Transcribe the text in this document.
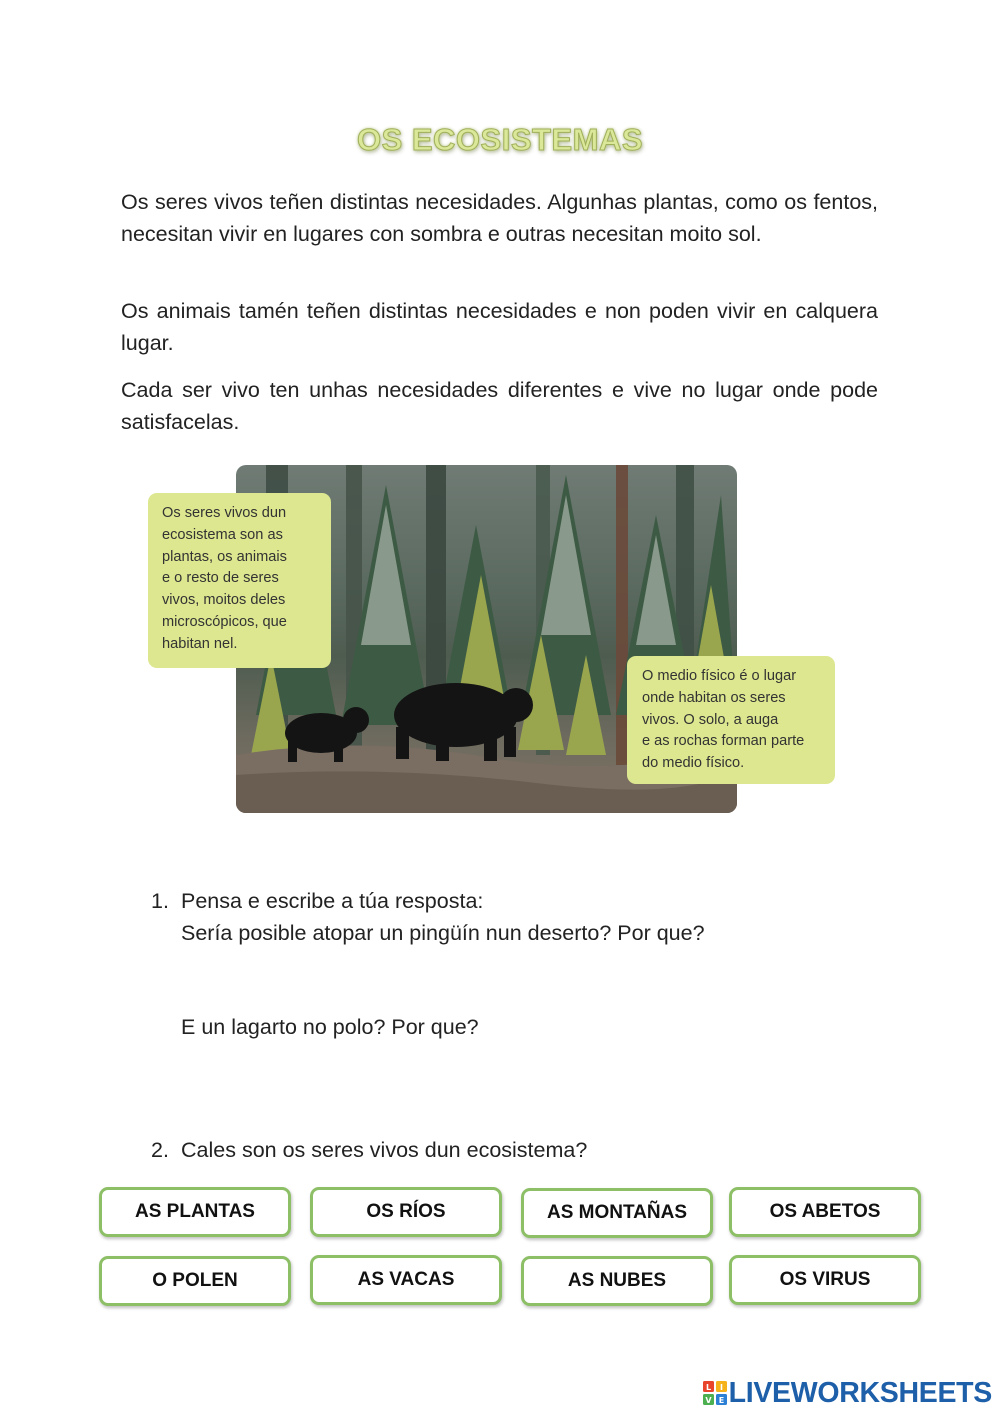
OS ECOSISTEMAS

Os seres vivos teñen distintas necesidades. Algunhas plantas, como os fentos, necesitan vivir en lugares con sombra e outras necesitan moito sol.

Os animais tamén teñen distintas necesidades e non poden vivir en calquera lugar.

Cada ser vivo ten unhas necesidades diferentes e vive no lugar onde pode satisfacelas.

Os seres vivos dun
ecosistema son as
plantas, os animais
e o resto de seres
vivos, moitos deles
microscópicos, que
habitan nel.
O medio físico é o lugar
onde habitan os seres
vivos. O solo, a auga
e as rochas forman parte
do medio físico.
1. Pensa e escribe a túa resposta:
Sería posible atopar un pingüín nun deserto? Por que?
E un lagarto no polo? Por que?
2. Cales son os seres vivos dun ecosistema?
AS PLANTAS	OS RÍOS	AS MONTAÑAS	OS ABETOS
O POLEN	AS VACAS	AS NUBES	OS VIRUS
L I
V E LIVEWORKSHEETS
